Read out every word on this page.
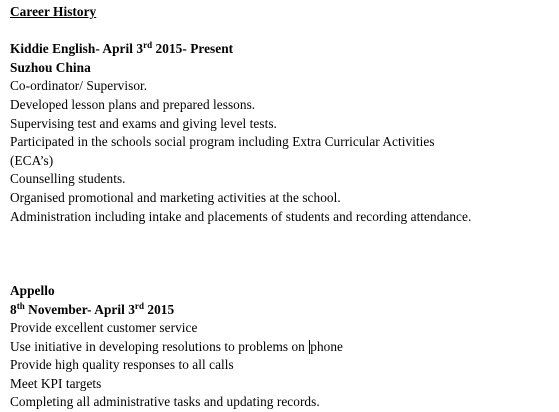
Career History
Kiddie English- April 3rd 2015- Present
Suzhou China
Co-ordinator/ Supervisor.
Developed lesson plans and prepared lessons.
Supervising test and exams and giving level tests.
Participated in the schools social program including Extra Curricular Activities
(ECA’s)
Counselling students.
Organised promotional and marketing activities at the school.
Administration including intake and placements of students and recording attendance.
Appello
8th November- April 3rd 2015
Provide excellent customer service
Use initiative in developing resolutions to problems on phone
Provide high quality responses to all calls
Meet KPI targets
Completing all administrative tasks and updating records.
